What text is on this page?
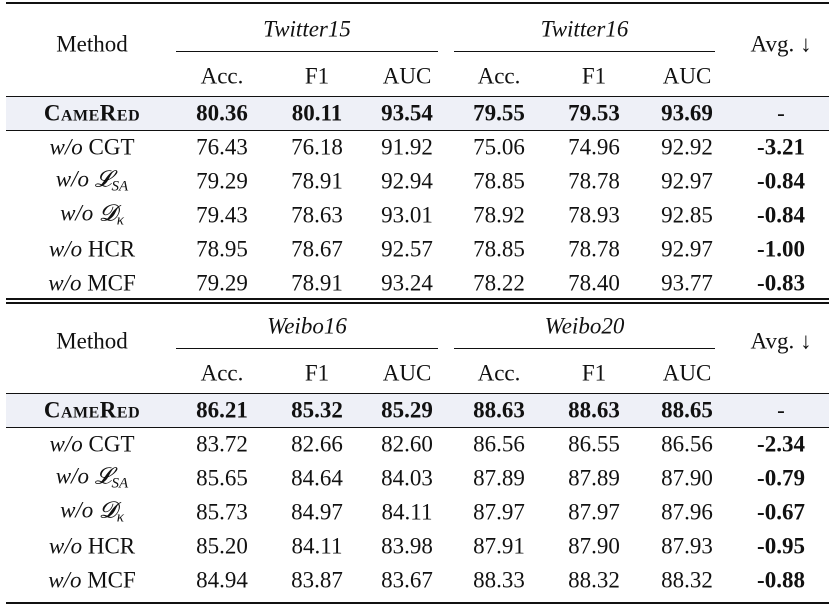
Method
Twitter15	Twitter16
Avg. ↓
Acc.	F1 AUC Acc.	F1 AUC
CameRed 80.36 80.11 93.54 79.55 79.53 93.69	-
w/o CGT	76.43 76.18 91.92 75.06 74.96 92.92 -3.21
w/o 𝓛$_{SA}$	79.29 78.91 92.94 78.85 78.78 92.97 -0.84
w/o 𝓓$_\kappa$	79.43 78.63 93.01 78.92 78.93 92.85 -0.84
w/o HCR	78.95 78.67 92.57 78.85 78.78 92.97 -1.00
w/o MCF	79.29 78.91 93.24 78.22 78.40 93.77 -0.83
Method
Weibo16	Weibo20
Avg. ↓
Acc.	F1 AUC Acc.	F1 AUC
CameRed 86.21 85.32 85.29 88.63 88.63 88.65	-
w/o CGT	83.72 82.66 82.60 86.56 86.55 86.56 -2.34
w/o 𝓛$_{SA}$	85.65 84.64 84.03 87.89 87.89 87.90 -0.79
w/o 𝓓$_\kappa$	85.73 84.97 84.11 87.97 87.97 87.96 -0.67
w/o HCR	85.20 84.11 83.98 87.91 87.90 87.93 -0.95
w/o MCF	84.94 83.87 83.67 88.33 88.32 88.32 -0.88
